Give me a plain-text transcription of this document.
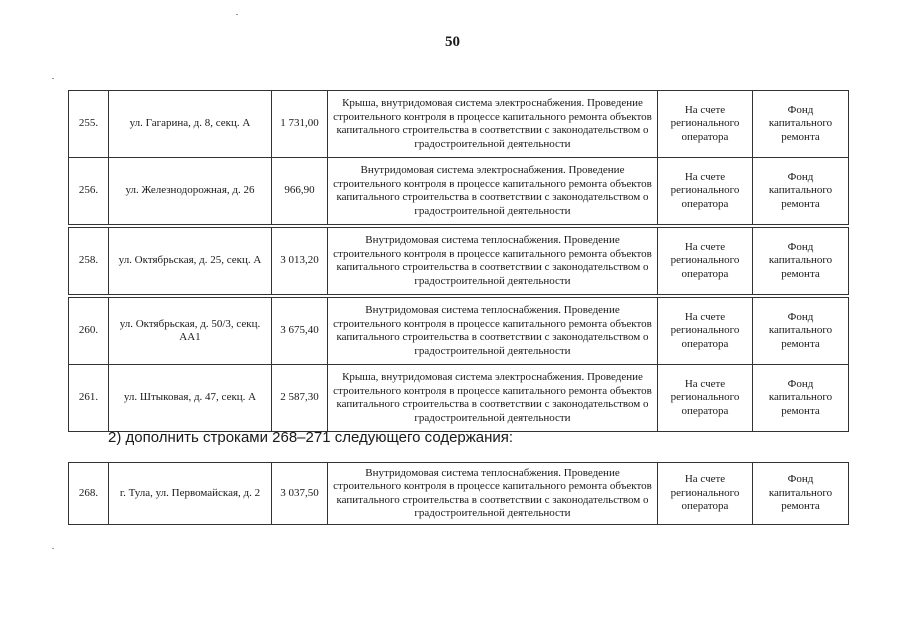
50
255.	ул. Гагарина, д. 8, секц. А	1 731,00	Крыша, внутридомовая система электроснабжения. Проведение строительного контроля в процессе капитального ремонта объектов капитального строительства в соответствии с законодательством о градостроительной деятельности	На счете регионального оператора	Фонд капитального ремонта
256.	ул. Железнодорожная, д. 26	966,90	Внутридомовая система электроснабжения. Проведение строительного контроля в процессе капитального ремонта объектов капитального строительства в соответствии с законодательством о градостроительной деятельности	На счете регионального оператора	Фонд капитального ремонта

258.	ул. Октябрьская, д. 25, секц. А	3 013,20	Внутридомовая система теплоснабжения. Проведение строительного контроля в процессе капитального ремонта объектов капитального строительства в соответствии с законодательством о градостроительной деятельности	На счете регионального оператора	Фонд капитального ремонта

260.	ул. Октябрьская, д. 50/3, секц. АА1	3 675,40	Внутридомовая система теплоснабжения. Проведение строительного контроля в процессе капитального ремонта объектов капитального строительства в соответствии с законодательством о градостроительной деятельности	На счете регионального оператора	Фонд капитального ремонта
261.	ул. Штыковая, д. 47, секц. А	2 587,30	Крыша, внутридомовая система электроснабжения. Проведение строительного контроля в процессе капитального ремонта объектов капитального строительства в соответствии с законодательством о градостроительной деятельности	На счете регионального оператора	Фонд капитального ремонта
2) дополнить строками 268–271 следующего содержания:
268.	г. Тула, ул. Первомайская, д. 2	3 037,50	Внутридомовая система теплоснабжения. Проведение строительного контроля в процессе капитального ремонта объектов капитального строительства в соответствии с законодательством о градостроительной деятельности	На счете регионального оператора	Фонд капитального ремонта
